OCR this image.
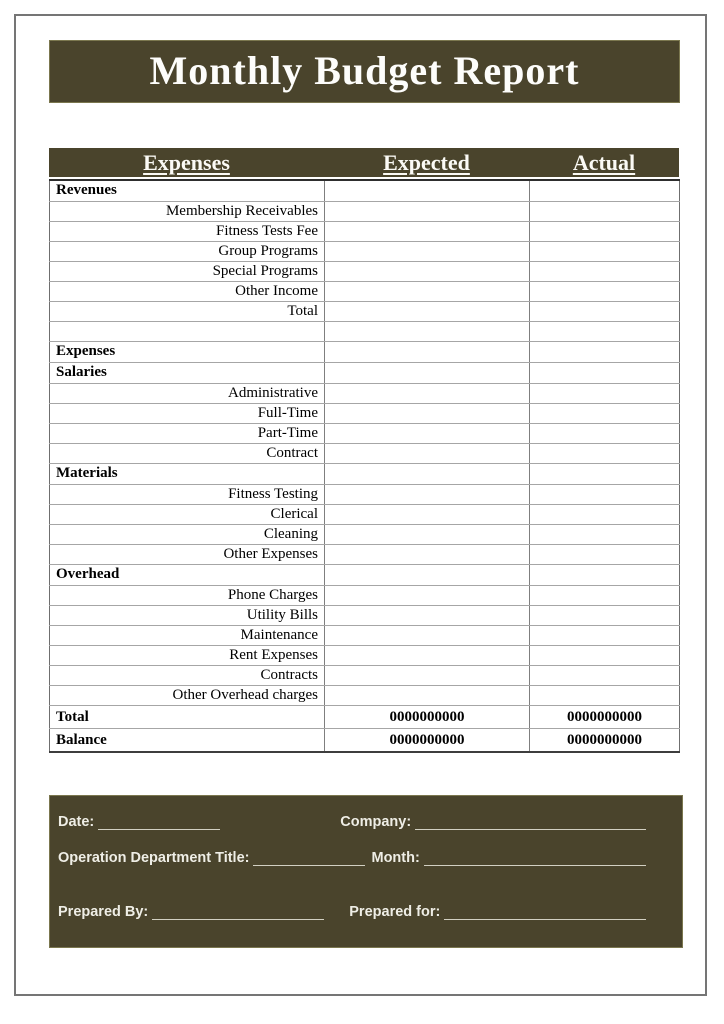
Monthly Budget Report
Expenses	Expected	Actual
Revenues		
Membership Receivables		
Fitness Tests Fee		
Group Programs		
Special Programs		
Other Income		
Total		

Expenses		
Salaries		
Administrative		
Full-Time		
Part-Time		
Contract		
Materials		
Fitness Testing		
Clerical		
Cleaning		
Other Expenses		
Overhead		
Phone Charges		
Utility Bills		
Maintenance		
Rent Expenses		
Contracts		
Other Overhead charges		
Total	0000000000	0000000000
Balance	0000000000	0000000000
Date:	Company:
Operation Department Title:	Month:
Prepared By:	Prepared for:
